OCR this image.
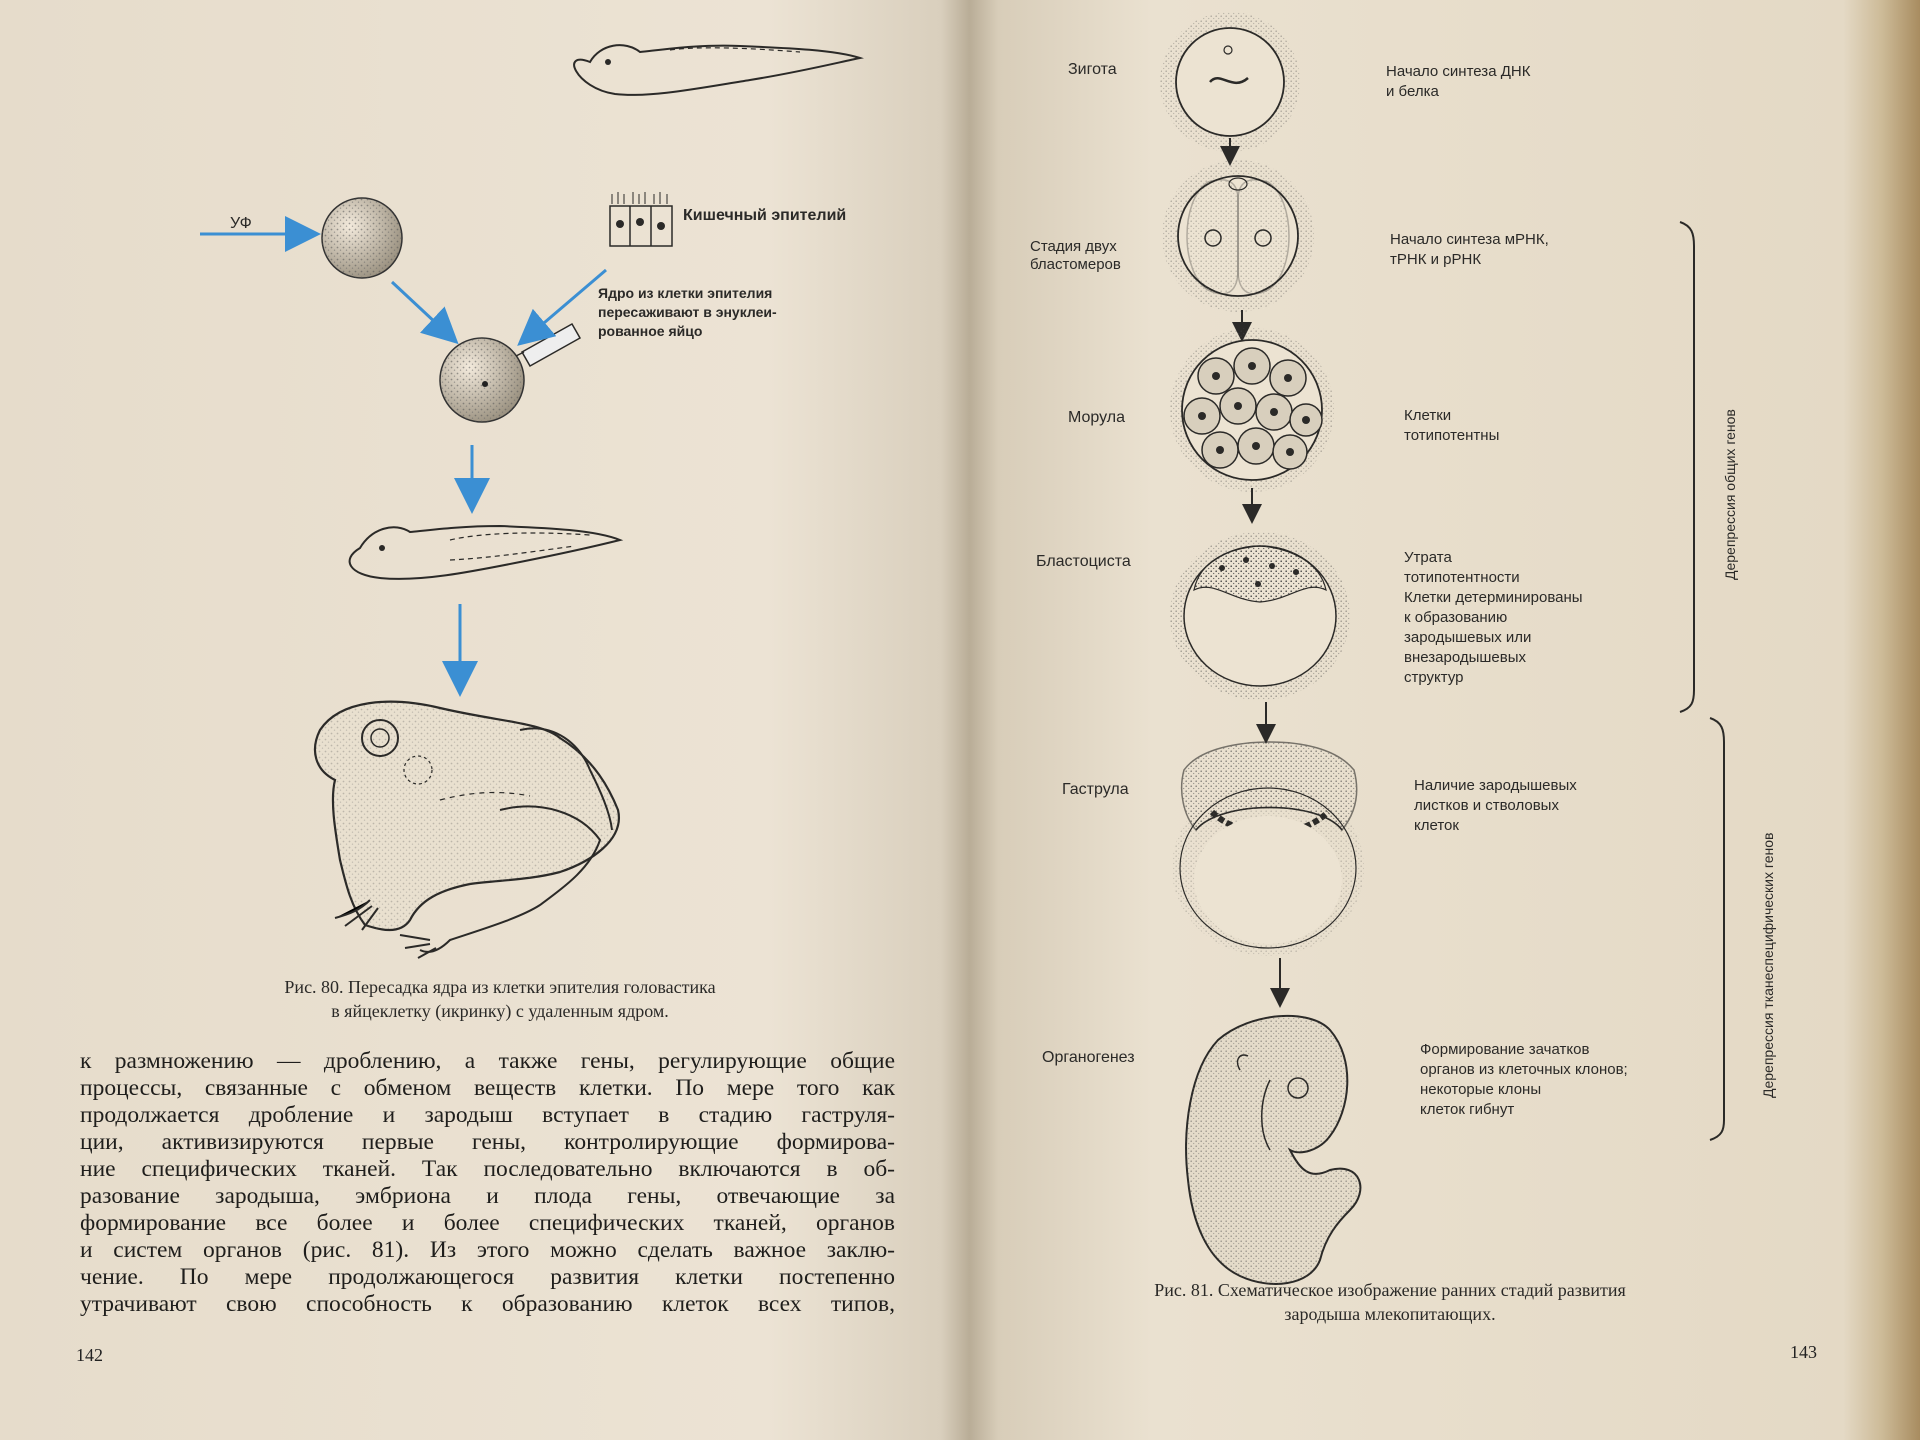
УФ	Кишечный эпителий
Ядро из клетки эпителия
пересаживают в энуклеи-
рованное яйцо
Рис. 80. Пересадка ядра из клетки эпителия головастика
в яйцеклетку (икринку) с удаленным ядром.
к размножению — дроблению, а также гены, регулирующие общие
процессы, связанные с обменом веществ клетки. По мере того как
продолжается дробление и зародыш вступает в стадию гаструля-
ции, активизируются первые гены, контролирующие формирова-
ние специфических тканей. Так последовательно включаются в об-
разование зародыша, эмбриона и плода гены, отвечающие за
формирование все более и более специфических тканей, органов
и систем органов (рис. 81). Из этого можно сделать важное заклю-
чение. По мере продолжающегося развития клетки постепенно
утрачивают свою способность к образованию клеток всех типов,
142
Зигота
Стадия двух
бластомеров
Морула
Бластоциста
Гаструла
Органогенез
Начало синтеза ДНК
и белка
Начало синтеза мРНК,
тРНК и рРНК
Клетки
тотипотентны
Утрата
тотипотентности
Клетки детерминированы
к образованию
зародышевых или
внезародышевых
структур
Наличие зародышевых
листков и стволовых
клеток
Формирование зачатков
органов из клеточных клонов;
некоторые клоны
клеток гибнут
Дерепрессия общих генов
Дерепрессия тканеспецифических генов
Рис. 81. Схематическое изображение ранних стадий развития
зародыша млекопитающих.
143
